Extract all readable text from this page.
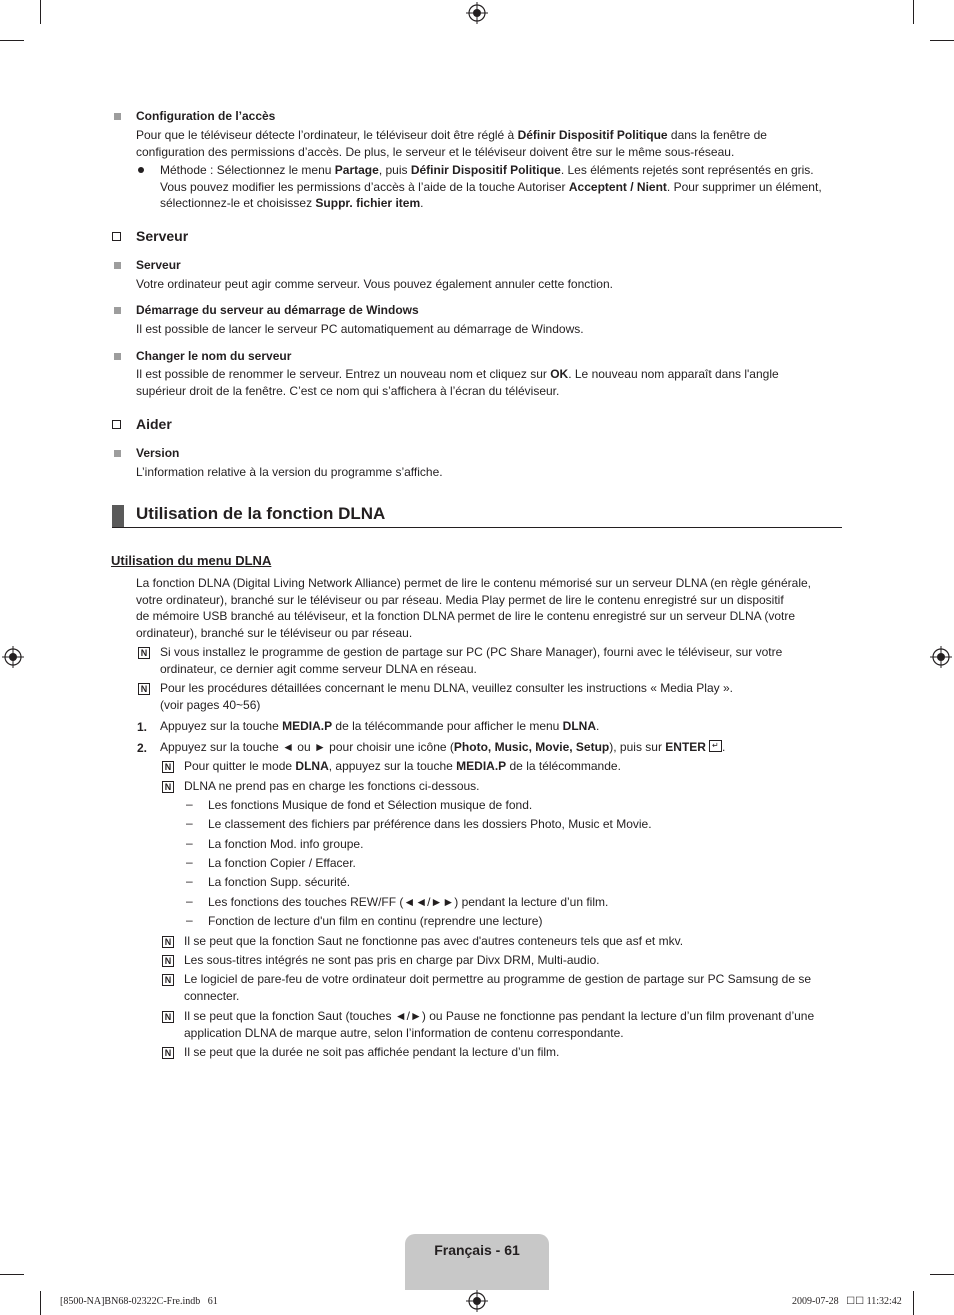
Configuration de l’accès
Pour que le téléviseur détecte l’ordinateur, le téléviseur doit être réglé à Définir Dispositif Politique dans la fenêtre de
configuration des permissions d’accès. De plus, le serveur et le téléviseur doivent être sur le même sous-réseau.
Méthode : Sélectionnez le menu Partage, puis Définir Dispositif Politique. Les éléments rejetés sont représentés en gris.
Vous pouvez modifier les permissions d’accès à l’aide de la touche Autoriser Acceptent / Nient. Pour supprimer un élément,
sélectionnez-le et choisissez Suppr. fichier item.
Serveur
Serveur
Votre ordinateur peut agir comme serveur. Vous pouvez également annuler cette fonction.
Démarrage du serveur au démarrage de Windows
Il est possible de lancer le serveur PC automatiquement au démarrage de Windows.
Changer le nom du serveur
Il est possible de renommer le serveur. Entrez un nouveau nom et cliquez sur OK. Le nouveau nom apparaît dans l'angle
supérieur droit de la fenêtre. C’est ce nom qui s’affichera à l’écran du téléviseur.
Aider
Version
L’information relative à la version du programme s’affiche.
Utilisation de la fonction DLNA
Utilisation du menu DLNA
La fonction DLNA (Digital Living Network Alliance) permet de lire le contenu mémorisé sur un serveur DLNA (en règle générale,
votre ordinateur), branché sur le téléviseur ou par réseau. Media Play permet de lire le contenu enregistré sur un dispositif
de mémoire USB branché au téléviseur, et la fonction DLNA permet de lire le contenu enregistré sur un serveur DLNA (votre
ordinateur), branché sur le téléviseur ou par réseau.
N Si vous installez le programme de gestion de partage sur PC (PC Share Manager), fourni avec le téléviseur, sur votre
ordinateur, ce dernier agit comme serveur DLNA en réseau.
N Pour les procédures détaillées concernant le menu DLNA, veuillez consulter les instructions « Media Play ».
(voir pages 40~56)
1. Appuyez sur la touche MEDIA.P de la télécommande pour afficher le menu DLNA.
2. Appuyez sur la touche ◄ ou ► pour choisir une icône (Photo, Music, Movie, Setup), puis sur ENTER ↵ .
N Pour quitter le mode DLNA, appuyez sur la touche MEDIA.P de la télécommande.
N DLNA ne prend pas en charge les fonctions ci-dessous.
– Les fonctions Musique de fond et Sélection musique de fond.
– Le classement des fichiers par préférence dans les dossiers Photo, Music et Movie.
– La fonction Mod. info groupe.
– La fonction Copier / Effacer.
– La fonction Supp. sécurité.
– Les fonctions des touches REW/FF (◄◄/►►) pendant la lecture d’un film.
– Fonction de lecture d'un film en continu (reprendre une lecture)
N Il se peut que la fonction Saut ne fonctionne pas avec d'autres conteneurs tels que asf et mkv.
N Les sous-titres intégrés ne sont pas pris en charge par Divx DRM, Multi-audio.
N Le logiciel de pare-feu de votre ordinateur doit permettre au programme de gestion de partage sur PC Samsung de se
connecter.
N Il se peut que la fonction Saut (touches ◄/►) ou Pause ne fonctionne pas pendant la lecture d’un film provenant d’une
application DLNA de marque autre, selon l’information de contenu correspondante.
N Il se peut que la durée ne soit pas affichée pendant la lecture d’un film.
Français - 61
[8500-NA]BN68-02322C-Fre.indb   61	2009-07-28   ☐☐ 11:32:42
